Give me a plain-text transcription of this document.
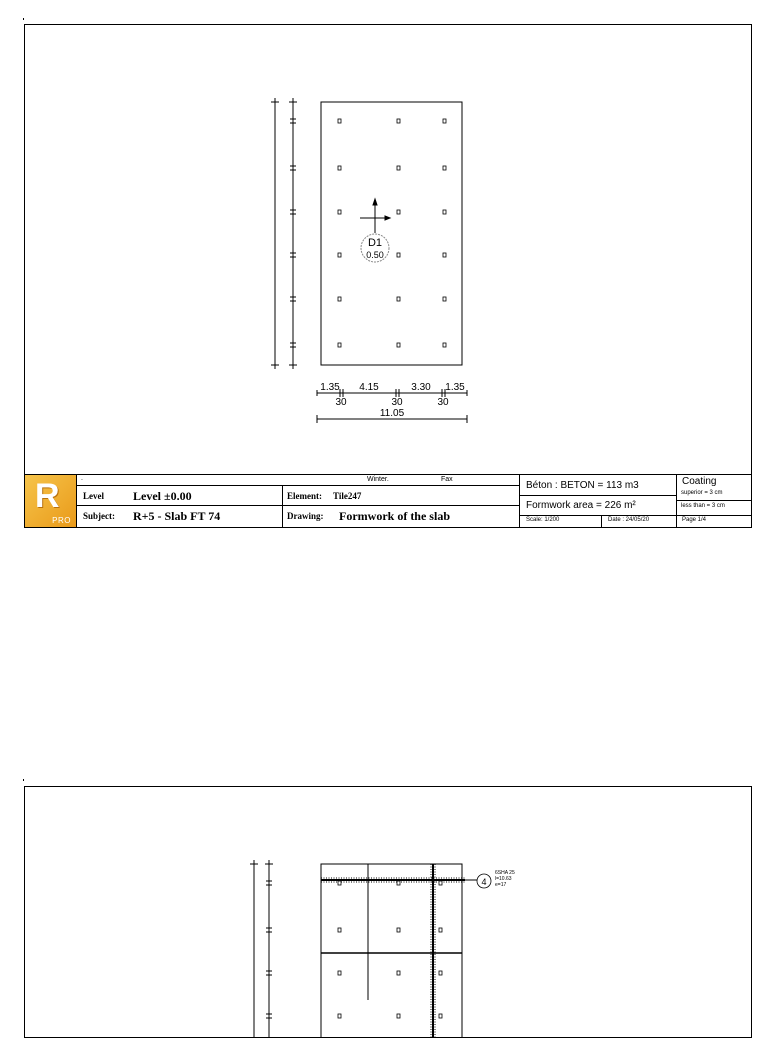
D1
0.50
1.35 4.15	3.30 1.35
30	30	30
11.05
R
PRO
.	Winter.	Fax
Level Level ±0.00	Element: Tile247
Subject: R+5 - Slab FT 74	Drawing: Formwork of the slab
Béton : BETON = 113 m3
Formwork area = 226 m²
Coating
superior = 3 cm
less than = 3 cm
Scale: 1/200	Date : 24/05/20	Page 1/4
4
6SHA 25
l=10.63
e=17
